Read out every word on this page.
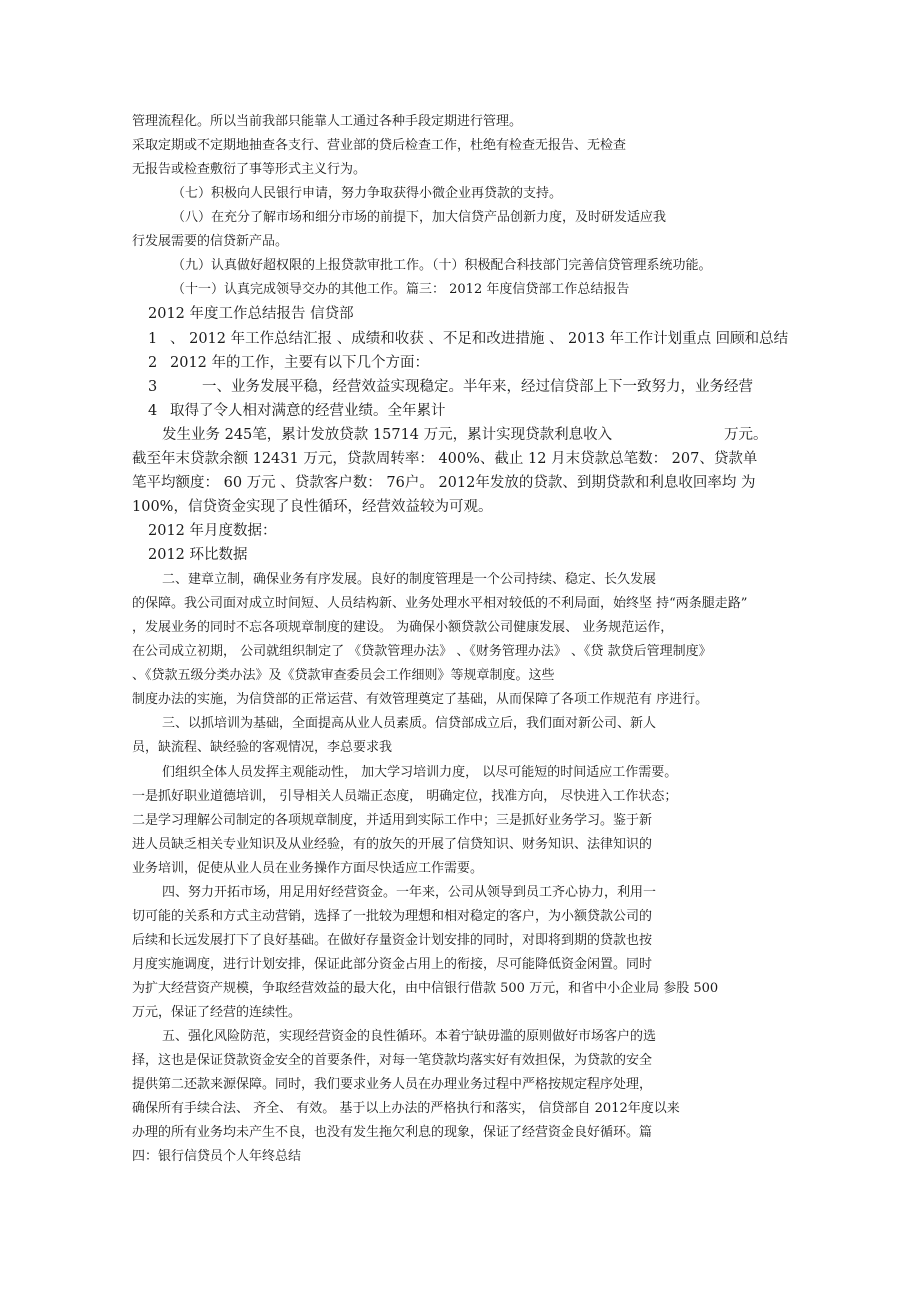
管理流程化。所以当前我部只能靠人工通过各种手段定期进行管理。
采取定期或不定期地抽查各支行、营业部的贷后检查工作，杜绝有检查无报告、无检查
无报告或检查敷衍了事等形式主义行为。
（七）积极向人民银行申请，努力争取获得小微企业再贷款的支持。
（八）在充分了解市场和细分市场的前提下，加大信贷产品创新力度，及时研发适应我
行发展需要的信贷新产品。
（九）认真做好超权限的上报贷款审批工作。（十）积极配合科技部门完善信贷管理系统功能。
（十一）认真完成领导交办的其他工作。篇三： 2012 年度信贷部工作总结报告
2012 年度工作总结报告 信贷部
1 、 2012 年工作总结汇报 、成绩和收获 、不足和改进措施 、 2013 年工作计划重点 回顾和总结
2 2012 年的工作，主要有以下几个方面：
3	一、业务发展平稳，经营效益实现稳定。半年来，经过信贷部上下一致努力，业务经营
4 取得了令人相对满意的经营业绩。全年累计
发生业务 245笔，累计发放贷款 15714 万元，累计实现贷款利息收入	万元。
截至年末贷款余额 12431 万元，贷款周转率： 400%、截止 12 月末贷款总笔数： 207、贷款单
笔平均额度： 60 万元 、贷款客户数： 76户。 2012年发放的贷款、到期贷款和利息收回率均 为
100%，信贷资金实现了良性循环，经营效益较为可观。
2012 年月度数据：
2012 环比数据
二、建章立制，确保业务有序发展。良好的制度管理是一个公司持续、稳定、长久发展
的保障。我公司面对成立时间短、人员结构新、业务处理水平相对较低的不利局面，始终坚 持“两条腿走路”
，发展业务的同时不忘各项规章制度的建设。 为确保小额贷款公司健康发展、 业务规范运作，
在公司成立初期， 公司就组织制定了 《贷款管理办法》 、《财务管理办法》 、《贷 款贷后管理制度》
、《贷款五级分类办法》及《贷款审查委员会工作细则》等规章制度。这些
制度办法的实施，为信贷部的正常运营、有效管理奠定了基础，从而保障了各项工作规范有 序进行。
三、以抓培训为基础，全面提高从业人员素质。信贷部成立后，我们面对新公司、新人
员，缺流程、缺经验的客观情况，李总要求我
们组织全体人员发挥主观能动性， 加大学习培训力度， 以尽可能短的时间适应工作需要。
一是抓好职业道德培训， 引导相关人员端正态度， 明确定位，找准方向， 尽快进入工作状态；
二是学习理解公司制定的各项规章制度，并适用到实际工作中；三是抓好业务学习。鉴于新
进人员缺乏相关专业知识及从业经验，有的放矢的开展了信贷知识、财务知识、法律知识的
业务培训，促使从业人员在业务操作方面尽快适应工作需要。
四、努力开拓市场，用足用好经营资金。一年来，公司从领导到员工齐心协力，利用一
切可能的关系和方式主动营销，选择了一批较为理想和相对稳定的客户，为小额贷款公司的
后续和长远发展打下了良好基础。在做好存量资金计划安排的同时，对即将到期的贷款也按
月度实施调度，进行计划安排，保证此部分资金占用上的衔接，尽可能降低资金闲置。同时
为扩大经营资产规模，争取经营效益的最大化，由中信银行借款 500 万元，和省中小企业局 参股 500
万元，保证了经营的连续性。
五、强化风险防范，实现经营资金的良性循环。本着宁缺毋滥的原则做好市场客户的选
择，这也是保证贷款资金安全的首要条件，对每一笔贷款均落实好有效担保，为贷款的安全
提供第二还款来源保障。同时，我们要求业务人员在办理业务过程中严格按规定程序处理，
确保所有手续合法、 齐全、 有效。 基于以上办法的严格执行和落实， 信贷部自 2012年度以来
办理的所有业务均未产生不良，也没有发生拖欠利息的现象，保证了经营资金良好循环。篇
四：银行信贷员个人年终总结
